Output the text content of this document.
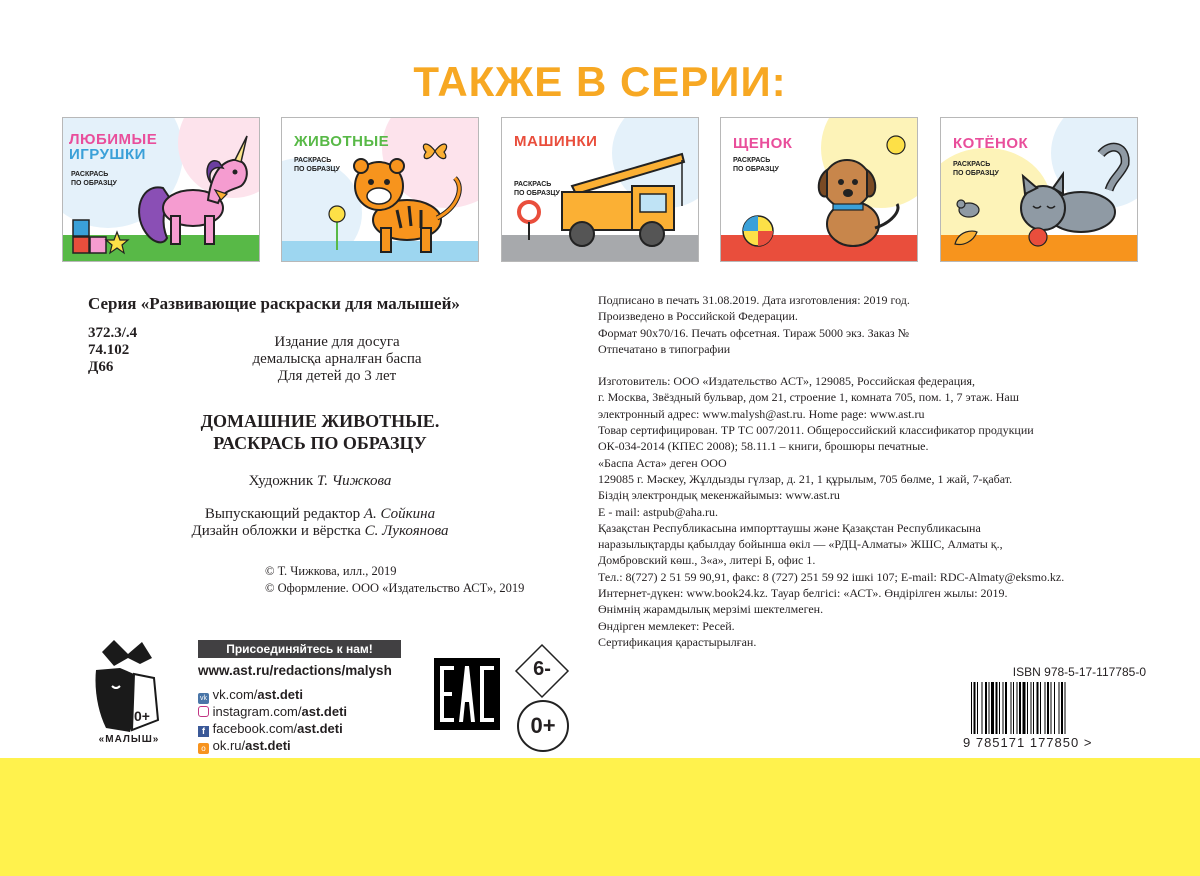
ТАКЖЕ В СЕРИИ:
ЛЮБИМЫЕ
ИГРУШКИ
РАСКРАСЬ
ПО ОБРАЗЦУ
ЖИВОТНЫЕ
РАСКРАСЬ
ПО ОБРАЗЦУ
МАШИНКИ
РАСКРАСЬ
ПО ОБРАЗЦУ
ЩЕНОК
РАСКРАСЬ
ПО ОБРАЗЦУ
КОТЁНОК
РАСКРАСЬ
ПО ОБРАЗЦУ
Серия «Развивающие раскраски для малышей»
372.3/.4
74.102
Д66
Издание для досуга
демалысқа арналған баспа
Для детей до 3 лет
ДОМАШНИЕ ЖИВОТНЫЕ.
РАСКРАСЬ ПО ОБРАЗЦУ
Художник Т. Чижкова
Выпускающий редактор А. Сойкина
Дизайн обложки и вёрстка С. Лукоянова
© Т. Чижкова, илл., 2019
© Оформление. ООО «Издательство АСТ», 2019

Подписано в печать 31.08.2019. Дата изготовления: 2019 год.

Произведено в Российской Федерации.

Формат 90х70/16. Печать офсетная. Тираж 5000 экз. Заказ №

Отпечатано в типографии

Изготовитель: ООО «Издательство АСТ», 129085, Российская федерация,

г. Москва, Звёздный бульвар, дом 21, строение 1, комната 705, пом. 1, 7 этаж. Наш

электронный адрес: www.malysh@ast.ru. Home page: www.ast.ru

Товар сертифицирован. ТР ТС 007/2011. Общероссийский классификатор продукции

ОК-034-2014 (КПЕС 2008); 58.11.1 – книги, брошюры печатные.

«Баспа Аста» деген ООО

129085 г. Мәскеу, Жұлдызды гүлзар, д. 21, 1 құрылым, 705 бөлме, 1 жай, 7-қабат.

Біздің электрондық мекенжайымыз: www.ast.ru

E - mail: astpub@aha.ru.

Қазақстан Республикасына импорттаушы және Қазақстан Республикасына

наразылықтарды қабылдау бойынша өкіл — «РДЦ-Алматы» ЖШС, Алматы қ.,

Домбровский көш., 3«а», литері Б, офис 1.

Тел.: 8(727) 2 51 59 90,91, факс: 8 (727) 251 59 92 ішкі 107; E-mail: RDC-Almaty@eksmo.kz.

Интернет-дүкен: www.book24.kz. Тауар белгісі: «АСТ». Өндірілген жылы: 2019.

Өнімнің жарамдылық мерзімі шектелмеген.

Өндірген мемлекет: Ресей.

Сертификация қарастырылған.

0+
«МАЛЫШ»
Присоединяйтесь к нам!
www.ast.ru/redactions/malysh
vk vk.com/ast.deti
instagram.com/ast.deti
f facebook.com/ast.deti
о ok.ru/ast.deti
6-
0+
ISBN 978-5-17-117785-0
9 785171 177850 >
